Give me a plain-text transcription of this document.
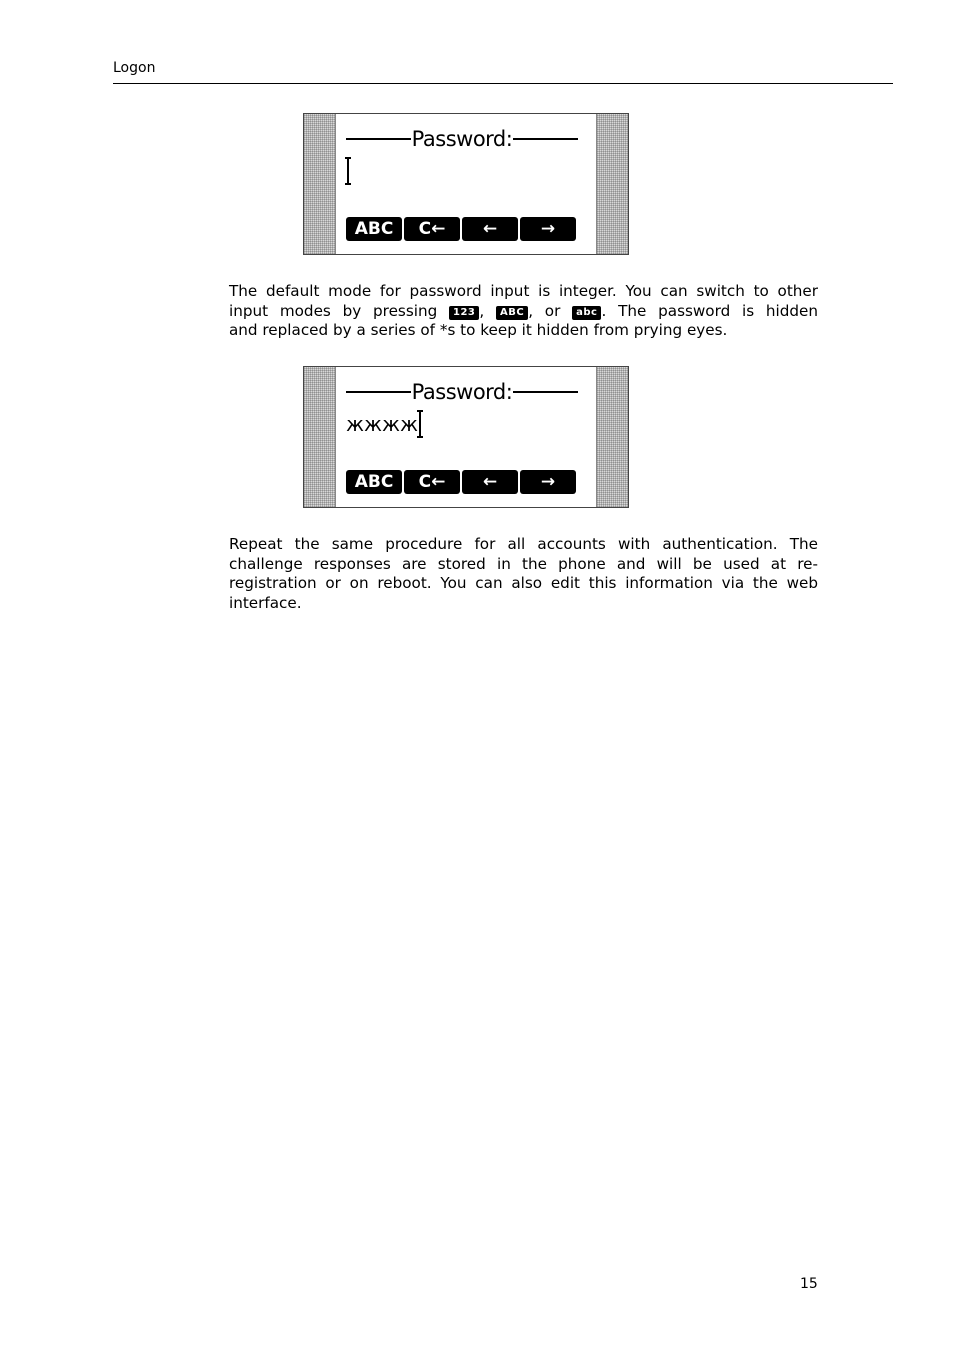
Logon
Password:
ABC	C←	←	→

The default mode for password input is integer. You can switch to other
input modes by pressing 123 , ABC , or abc . The password is hidden
and replaced by a series of *s to keep it hidden from prying eyes.

Password:
жжжж
ABC	C←	←	→

Repeat the same procedure for all accounts with authentication. The challenge responses are stored in the phone and will be used at re-registration or on reboot. You can also edit this information via the web interface.

15
